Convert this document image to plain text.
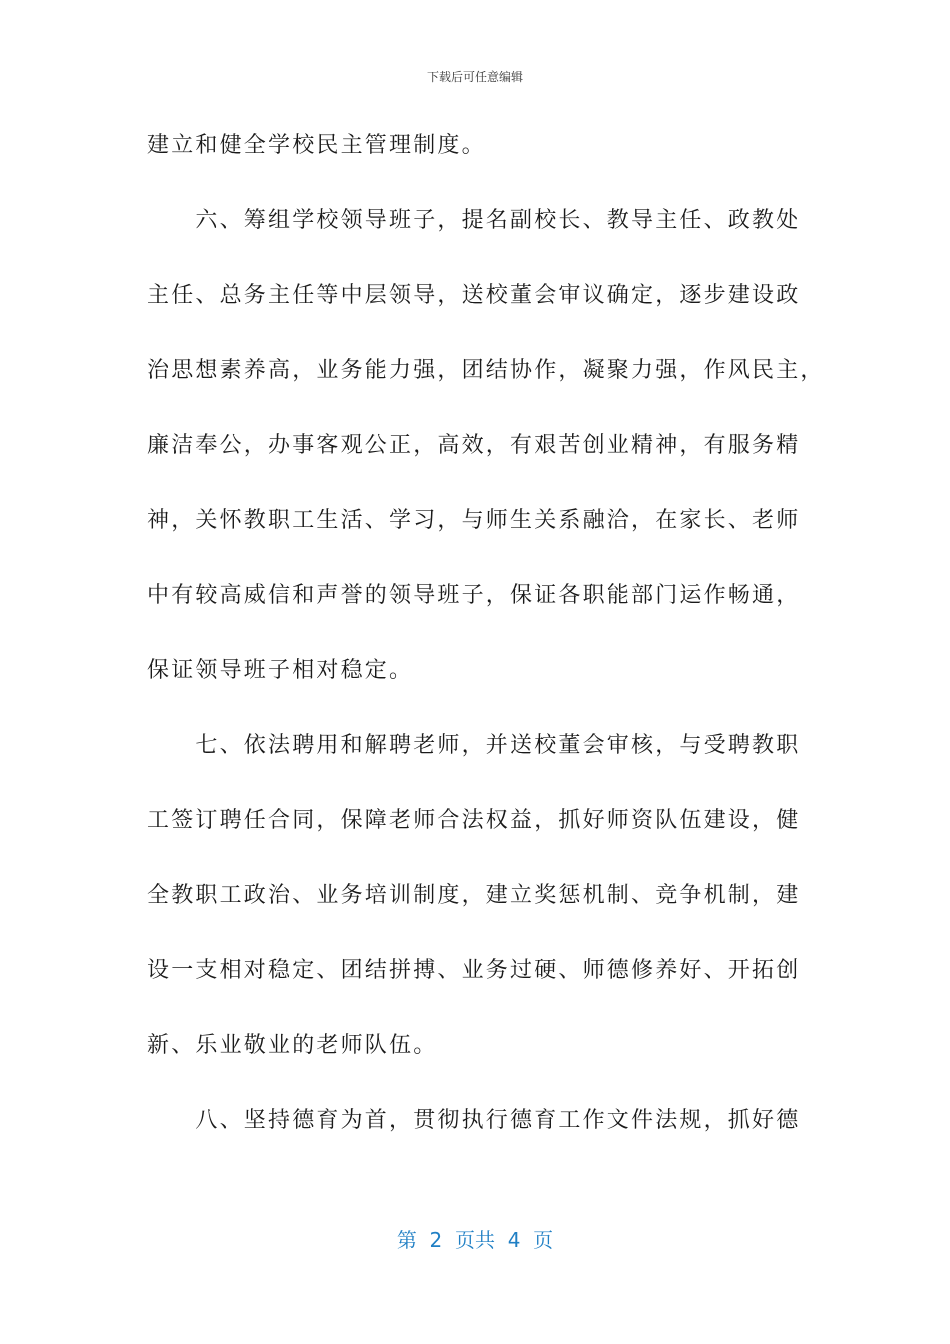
下载后可任意编辑
建立和健全学校民主管理制度。
　　六、筹组学校领导班子，提名副校长、教导主任、政教处
主任、总务主任等中层领导，送校董会审议确定，逐步建设政
治思想素养高，业务能力强，团结协作，凝聚力强，作风民主，
廉洁奉公，办事客观公正，高效，有艰苦创业精神，有服务精
神，关怀教职工生活、学习，与师生关系融洽，在家长、老师
中有较高威信和声誉的领导班子，保证各职能部门运作畅通，
保证领导班子相对稳定。
　　七、依法聘用和解聘老师，并送校董会审核，与受聘教职
工签订聘任合同，保障老师合法权益，抓好师资队伍建设，健
全教职工政治、业务培训制度，建立奖惩机制、竞争机制，建
设一支相对稳定、团结拼搏、业务过硬、师德修养好、开拓创
新、乐业敬业的老师队伍。
　　八、坚持德育为首，贯彻执行德育工作文件法规，抓好德
第  2  页共  4  页
